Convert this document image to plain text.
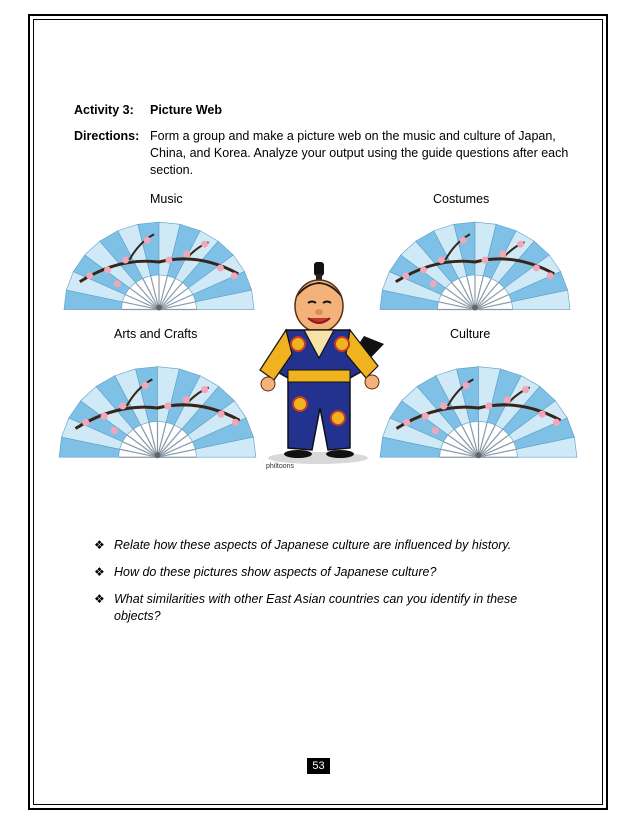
Activity 3: Picture Web
Directions: Form a group and make a picture web on the music and culture of Japan, China, and Korea. Analyze your output using the guide questions after each section.
Music	Costumes
Arts and Crafts	Culture
philtoons
❖ Relate how these aspects of Japanese culture are influenced by history.
❖ How do these pictures show aspects of Japanese culture?
❖ What similarities with other East Asian countries can you identify in these objects?
53
